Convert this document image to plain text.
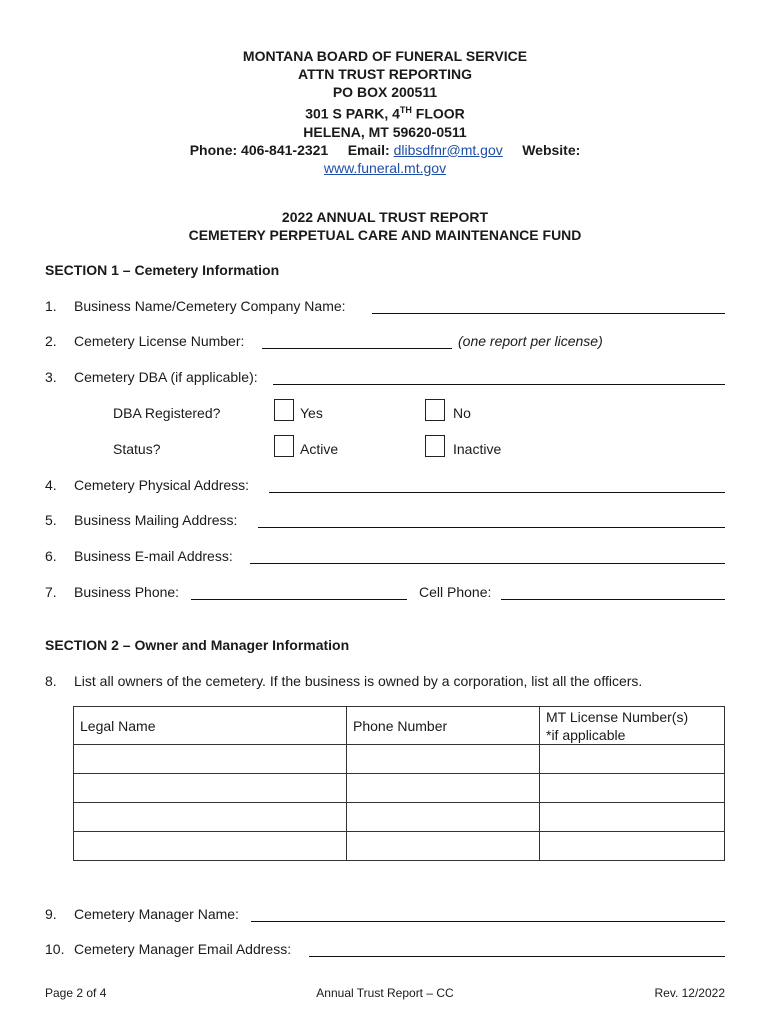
MONTANA BOARD OF FUNERAL SERVICE
ATTN TRUST REPORTING
PO BOX 200511
301 S PARK, 4TH FLOOR
HELENA, MT 59620-0511
Phone: 406-841-2321 Email: dlibsdfnr@mt.gov Website:
www.funeral.mt.gov
2022 ANNUAL TRUST REPORT
CEMETERY PERPETUAL CARE AND MAINTENANCE FUND
SECTION 1 – Cemetery Information
1. Business Name/Cemetery Company Name:
2. Cemetery License Number:	(one report per license)
3. Cemetery DBA (if applicable):
DBA Registered?	Yes	No
Status?	Active	Inactive
4. Cemetery Physical Address:
5. Business Mailing Address:
6. Business E-mail Address:
7. Business Phone:	Cell Phone:
SECTION 2 – Owner and Manager Information
8. List all owners of the cemetery. If the business is owned by a corporation, list all the officers.
Legal Name	Phone Number	MT License Number(s)
*if applicable

9. Cemetery Manager Name:
10. Cemetery Manager Email Address:
Page 2 of 4	Annual Trust Report – CC	Rev. 12/2022
